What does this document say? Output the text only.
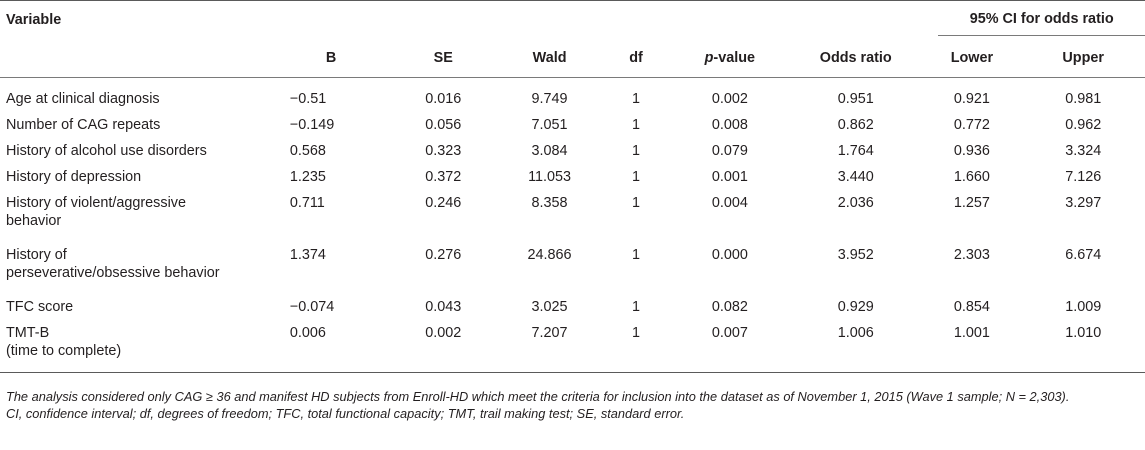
Variable							95% CI for odds ratio	

	B	SE	Wald	df	p-value	Odds ratio	Lower	Upper
Age at clinical diagnosis	−0.51	0.016	9.749	1	0.002	0.951	0.921	0.981
Number of CAG repeats	−0.149	0.056	7.051	1	0.008	0.862	0.772	0.962
History of alcohol use disorders	0.568	0.323	3.084	1	0.079	1.764	0.936	3.324
History of depression	1.235	0.372	11.053	1	0.001	3.440	1.660	7.126

History of violent/aggressive
behavior	0.711	0.246	8.358	1	0.004	2.036	1.257	3.297

History of
perseverative/obsessive behavior	1.374	0.276	24.866	1	0.000	3.952	2.303	6.674
TFC score	−0.074	0.043	3.025	1	0.082	0.929	0.854	1.009

TMT-B
(time to complete)	0.006	0.002	7.207	1	0.007	1.006	1.001	1.010

The analysis considered only CAG ≥ 36 and manifest HD subjects from Enroll-HD which meet the criteria for inclusion into the dataset as of November 1, 2015 (Wave 1 sample; N = 2,303).

CI, confidence interval; df, degrees of freedom; TFC, total functional capacity; TMT, trail making test; SE, standard error.
